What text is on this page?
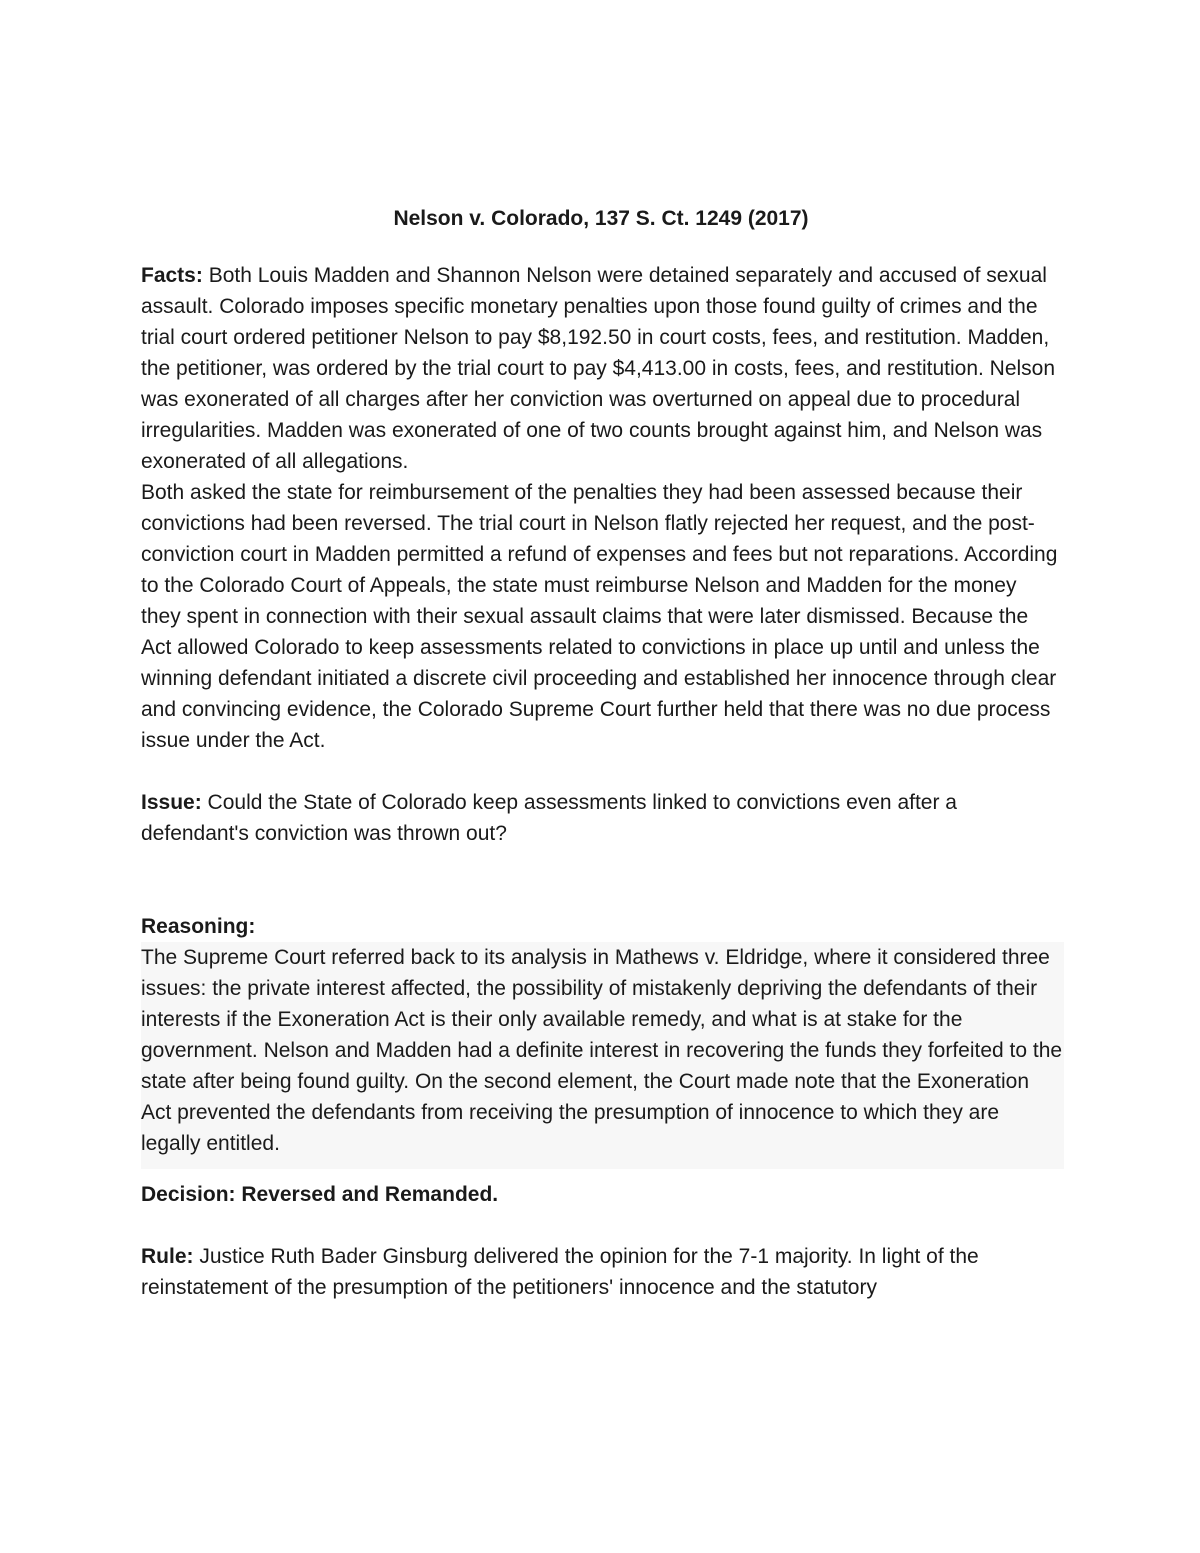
Nelson v. Colorado, 137 S. Ct. 1249 (2017)

Facts: Both Louis Madden and Shannon Nelson were detained separately and accused of sexual assault. Colorado imposes specific monetary penalties upon those found guilty of crimes and the trial court ordered petitioner Nelson to pay $8,192.50 in court costs, fees, and restitution. Madden, the petitioner, was ordered by the trial court to pay $4,413.00 in costs, fees, and restitution. Nelson was exonerated of all charges after her conviction was overturned on appeal due to procedural irregularities. Madden was exonerated of one of two counts brought against him, and Nelson was exonerated of all allegations.

Both asked the state for reimbursement of the penalties they had been assessed because their convictions had been reversed. The trial court in Nelson flatly rejected her request, and the post-conviction court in Madden permitted a refund of expenses and fees but not reparations. According to the Colorado Court of Appeals, the state must reimburse Nelson and Madden for the money they spent in connection with their sexual assault claims that were later dismissed. Because the Act allowed Colorado to keep assessments related to convictions in place up until and unless the winning defendant initiated a discrete civil proceeding and established her innocence through clear and convincing evidence, the Colorado Supreme Court further held that there was no due process issue under the Act.

Issue: Could the State of Colorado keep assessments linked to convictions even after a defendant's conviction was thrown out?

Reasoning:

The Supreme Court referred back to its analysis in Mathews v. Eldridge, where it considered three issues: the private interest affected, the possibility of mistakenly depriving the defendants of their interests if the Exoneration Act is their only available remedy, and what is at stake for the government. Nelson and Madden had a definite interest in recovering the funds they forfeited to the state after being found guilty. On the second element, the Court made note that the Exoneration Act prevented the defendants from receiving the presumption of innocence to which they are legally entitled.

Decision: Reversed and Remanded.

Rule: Justice Ruth Bader Ginsburg delivered the opinion for the 7-1 majority. In light of the reinstatement of the presumption of the petitioners' innocence and the statutory
